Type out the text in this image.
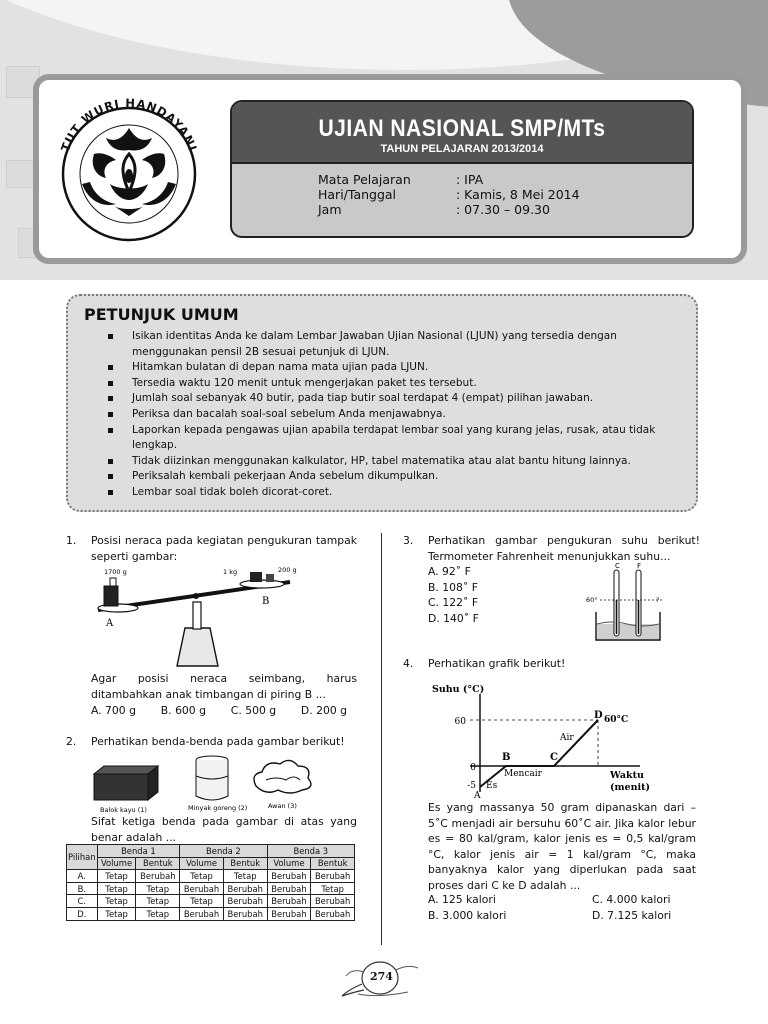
TUT WURI HANDAYANI
UJIAN NASIONAL SMP/MTs
TAHUN PELAJARAN 2013/2014
Mata Pelajaran	: IPA
Hari/Tanggal	: Kamis, 8 Mei 2014
Jam	: 07.30 – 09.30
PETUNJUK UMUM
Isikan identitas Anda ke dalam Lembar Jawaban Ujian Nasional (LJUN) yang tersedia dengan menggunakan pensil 2B sesuai petunjuk di LJUN.
Hitamkan bulatan di depan nama mata ujian pada LJUN.
Tersedia waktu 120 menit untuk mengerjakan paket tes tersebut.
Jumlah soal sebanyak 40 butir, pada tiap butir soal terdapat 4 (empat) pilihan jawaban.
Periksa dan bacalah soal-soal sebelum Anda menjawabnya.
Laporkan kepada pengawas ujian apabila terdapat lembar soal yang kurang jelas, rusak, atau tidak lengkap.
Tidak diizinkan menggunakan kalkulator, HP, tabel matematika atau alat bantu hitung lainnya.
Periksalah kembali pekerjaan Anda sebelum dikumpulkan.
Lembar soal tidak boleh dicorat-coret.
1. Posisi neraca pada kegiatan pengukuran tampak seperti gambar:
1700 g	1 kg	200 g
A
B
Agar posisi neraca seimbang, harus ditambahkan anak timbangan di piring B ...
A. 700 g B. 600 g C. 500 g D. 200 g
2. Perhatikan benda-benda pada gambar berikut!
Balok kayu (1)	Minyak goreng (2)	Awan (3)
Sifat ketiga benda pada gambar di atas yang benar adalah ...
Pilihan	Benda 1		Benda 2		Benda 3	
	Volume	Bentuk	Volume	Bentuk	Volume	Bentuk
A.	Tetap	Berubah	Tetap	Tetap	Berubah	Berubah
B.	Tetap	Tetap	Berubah	Berubah	Berubah	Tetap
C.	Tetap	Tetap	Tetap	Berubah	Berubah	Berubah
D.	Tetap	Tetap	Berubah	Berubah	Berubah	Berubah
3. Perhatikan gambar pengukuran suhu berikut! Termometer Fahrenheit menunjukkan suhu...
A. 92˚ F
B. 108˚ F
C. 122˚ F
D. 140˚ F
C F
60°	?
4. Perhatikan grafik berikut!
Suhu (°C)
Waktu
(menit)
60
0
-5
A
B	C
D
Es
Mencair
Air
60°C
Es yang massanya 50 gram dipanaskan dari –5˚C menjadi air bersuhu 60˚C air. Jika kalor lebur es = 80 kal/gram, kalor jenis es = 0,5 kal/gram °C, kalor jenis air = 1 kal/gram °C, maka banyaknya kalor yang diperlukan pada saat proses dari C ke D adalah ...
A. 125 kalori	C. 4.000 kalori
B. 3.000 kalori	D. 7.125 kalori
274
